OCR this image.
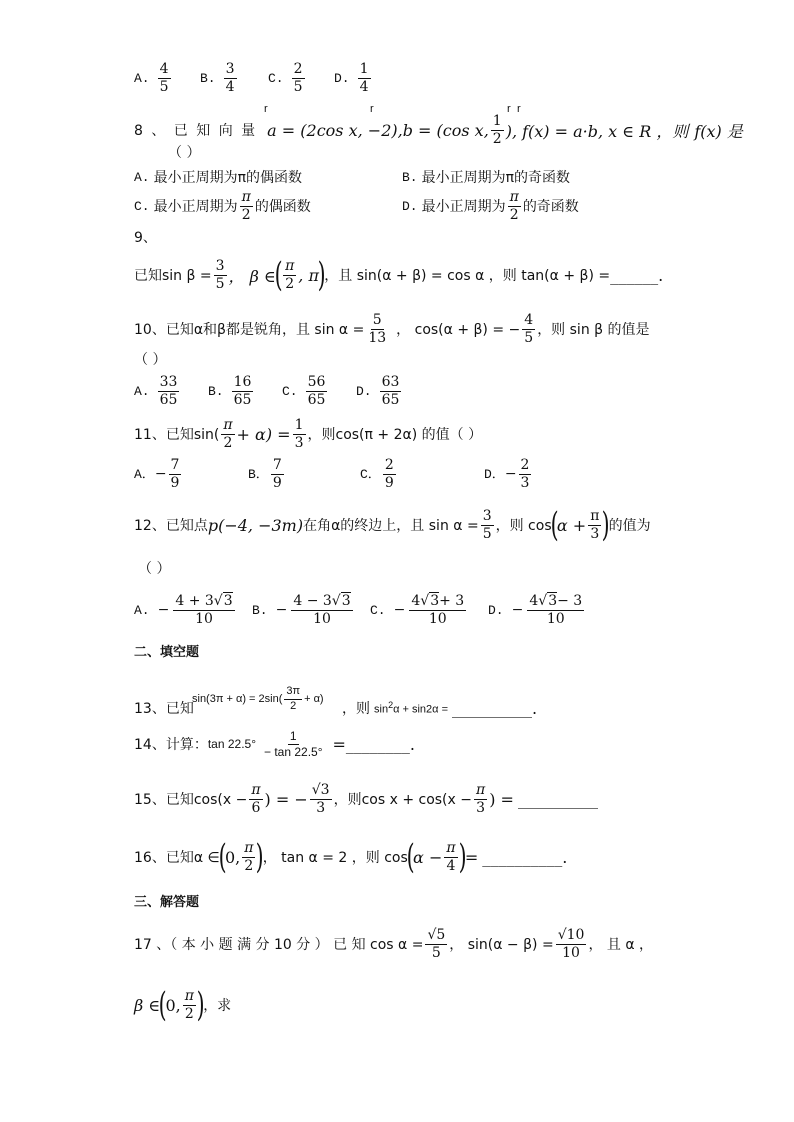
A. $\frac{4}{5} B$. $\frac{3}{4} C$. $\frac{2}{5} D$. $\frac{1}{4}$
r	r	r r
8 、 已 知 向 量 a = (2cos x, −2), b = (cos x, $\frac{1}{2}$ ), f(x) = a·b, x ∈ R ，则 f(x) 是
（ ）
A. 最小正周期为π的偶函数	B. 最小正周期为π的奇函数
C. 最小正周期为 $\frac{\pi}{2}$ 的偶函数	D. 最小正周期为 $\frac{\pi}{2}$ 的奇函数
9、
已知$\sin \beta = \frac{3}{5}$ ， β ∈
( $\frac{\pi}{2}$ , π
)
，且 sin(α + β) = cos α ，则 tan(α + β) = ______ .
10、已知α和β都是锐角，且 $\sin \alpha = \frac{5}{13}$ ， cos(α + β) = − $\frac{4}{5}$ ，则 sin β 的值是
（ ）
A. $\frac{33}{65} B$. $\frac{16}{65} C$. $\frac{56}{65} D$. $\frac{63}{65}$
11、已知$\sin( \frac{\pi}{2} + \alpha) = \frac{1}{3}$ ，则cos(π + 2α) 的值（ ）
A． − $\frac{7}{9}$	B． $\frac{7}{9}$	C． $\frac{2}{9}$	D． − $\frac{2}{3}$
12、已知点 p(−4, −3m) 在角α的终边上，且 $\sin \alpha = \frac{3}{5}$ ，则 cos
(
$\alpha + \frac{\pi}{3}$ )
的值为
（ ）
A. − $\frac{4 + 3√3}{10} B$. − $\frac{4 - 3√3}{10} C$. − $\frac{4√3+ 3}{10} D$. − $\frac{4√3- 3}{10}$
二、填空题
$\sin(3\pi + \alpha) = 2\sin( \frac{3\pi}{2} + \alpha)$
13、已知	，则 $\sin^2\alpha + \sin 2\alpha$ = __________ .
14、计算： $\tan 22.5^\circ \frac{1}{- \tan 22.5^\circ}$ = ________ .
15、已知$\cos(x - \frac{\pi}{6}$ ) = − $\frac{√3}{3}$ ，则$\cos x + \cos(x - \frac{\pi}{3}$ ) = __________
16、已知α ∈
(
0, $\frac{\pi}{2}$ )
， tan α = 2 ，则 cos
(
$\alpha - \frac{\pi}{4}$ )
= __________ .
三、解答题
17 、（ 本 小 题 满 分 10 分 ） 已 知 $\cos \alpha = \frac{√5}{5}$ ， $\sin(\alpha - \beta) = \frac{√10}{10}$ ， 且 α ，
β ∈
(
0, $\frac{\pi}{2}$ )
，求
